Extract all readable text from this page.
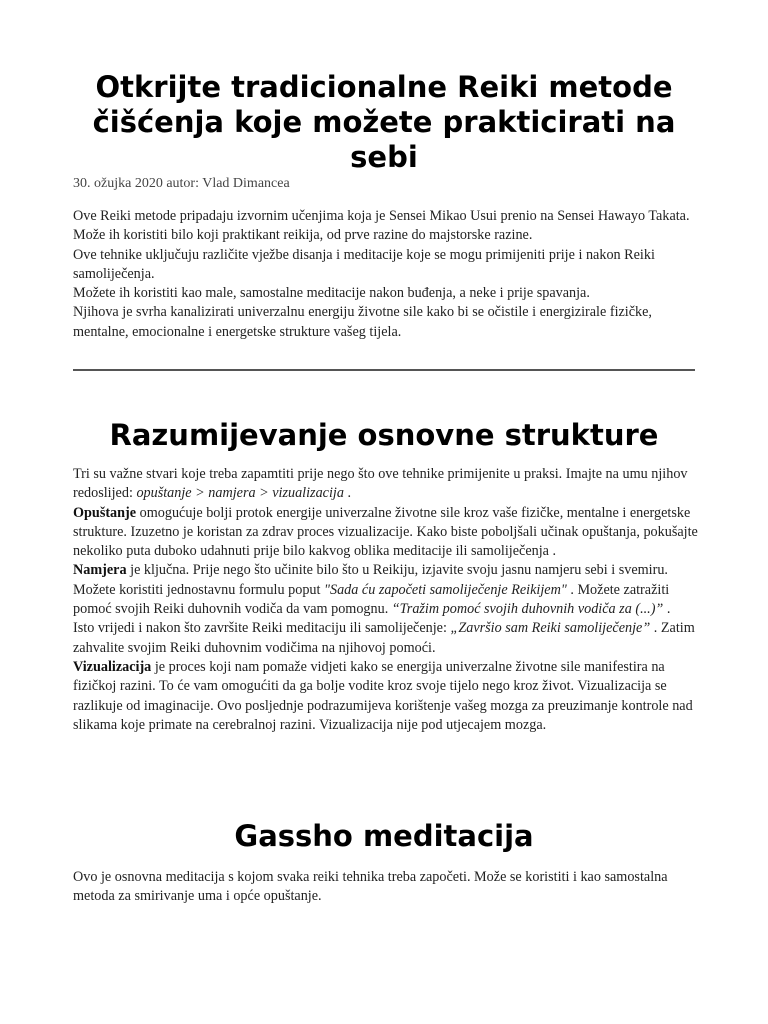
Otkrijte tradicionalne Reiki metode čišćenja koje možete prakticirati na sebi

30. ožujka 2020 autor: Vlad Dimancea

Ove Reiki metode pripadaju izvornim učenjima koja je Sensei Mikao Usui prenio na Sensei Hawayo Takata.

Može ih koristiti bilo koji praktikant reikija, od prve razine do majstorske razine.

Ove tehnike uključuju različite vježbe disanja i meditacije koje se mogu primijeniti prije i nakon Reiki samoliječenja.

Možete ih koristiti kao male, samostalne meditacije nakon buđenja, a neke i prije spavanja.

Njihova je svrha kanalizirati univerzalnu energiju životne sile kako bi se očistile i energizirale fizičke, mentalne, emocionalne i energetske strukture vašeg tijela.

Razumijevanje osnovne strukture

Tri su važne stvari koje treba zapamtiti prije nego što ove tehnike primijenite u praksi. Imajte na umu njihov redoslijed: opuštanje > namjera > vizualizacija .

Opuštanje omogućuje bolji protok energije univerzalne životne sile kroz vaše fizičke, mentalne i energetske strukture. Izuzetno je koristan za zdrav proces vizualizacije. Kako biste poboljšali učinak opuštanja, pokušajte nekoliko puta duboko udahnuti prije bilo kakvog oblika meditacije ili samoliječenja .

Namjera je ključna. Prije nego što učinite bilo što u Reikiju, izjavite svoju jasnu namjeru sebi i svemiru. Možete koristiti jednostavnu formulu poput "Sada ću započeti samoliječenje Reikijem" . Možete zatražiti pomoć svojih Reiki duhovnih vodiča da vam pomognu. “Tražim pomoć svojih duhovnih vodiča za (...)” .

Isto vrijedi i nakon što završite Reiki meditaciju ili samoliječenje: „Završio sam Reiki samoliječenje” . Zatim zahvalite svojim Reiki duhovnim vodičima na njihovoj pomoći.

Vizualizacija je proces koji nam pomaže vidjeti kako se energija univerzalne životne sile manifestira na fizičkoj razini. To će vam omogućiti da ga bolje vodite kroz svoje tijelo nego kroz život. Vizualizacija se razlikuje od imaginacije. Ovo posljednje podrazumijeva korištenje vašeg mozga za preuzimanje kontrole nad slikama koje primate na cerebralnoj razini. Vizualizacija nije pod utjecajem mozga.

Gassho meditacija

Ovo je osnovna meditacija s kojom svaka reiki tehnika treba započeti. Može se koristiti i kao samostalna metoda za smirivanje uma i opće opuštanje.
